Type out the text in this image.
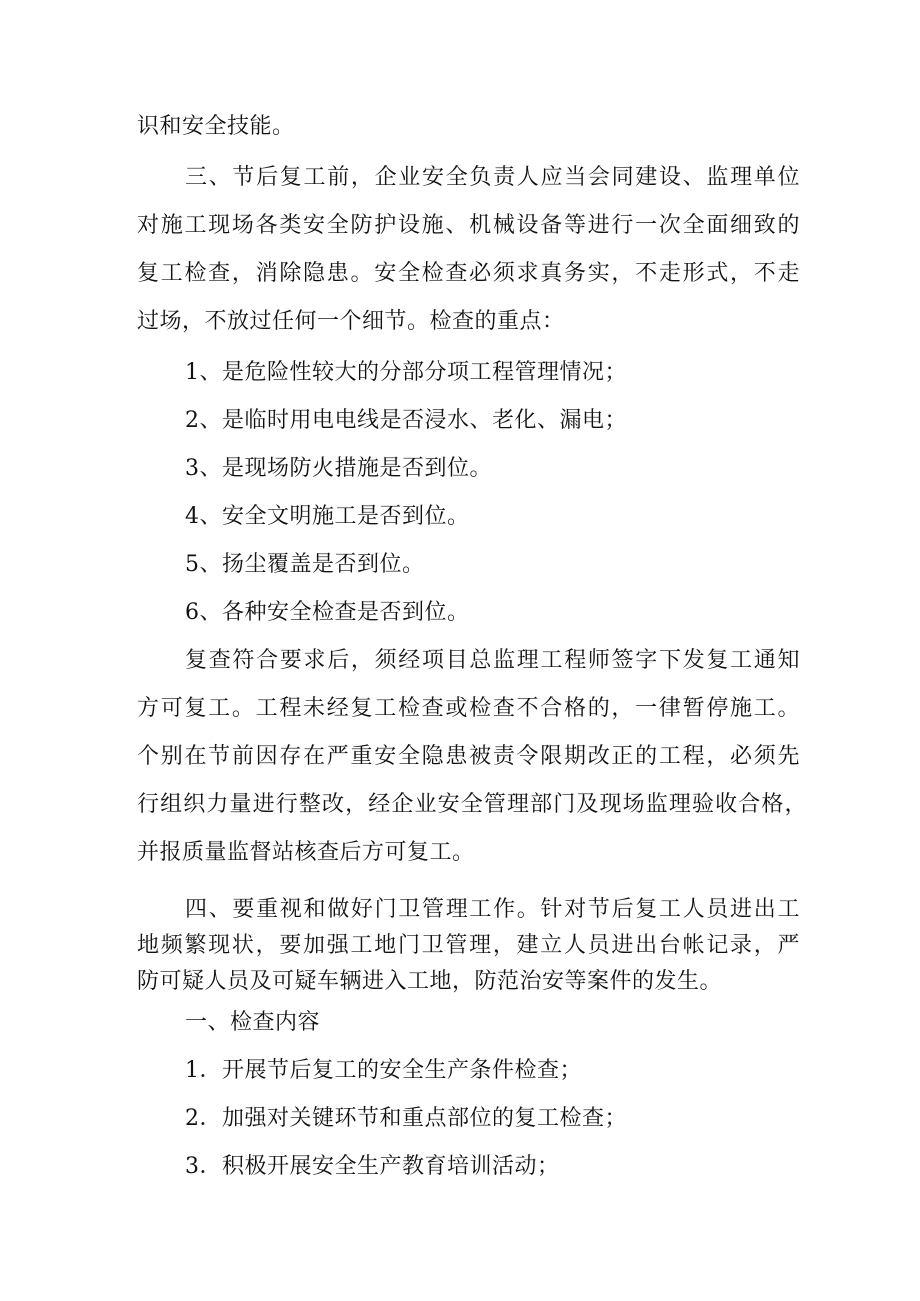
识和安全技能。
三、节后复工前，企业安全负责人应当会同建设、监理单位
对施工现场各类安全防护设施、机械设备等进行一次全面细致的
复工检查，消除隐患。安全检查必须求真务实，不走形式，不走
过场，不放过任何一个细节。检查的重点：
1、是危险性较大的分部分项工程管理情况；
2、是临时用电电线是否浸水、老化、漏电；
3、是现场防火措施是否到位。
4、安全文明施工是否到位。
5、扬尘覆盖是否到位。
6、各种安全检查是否到位。
复查符合要求后，须经项目总监理工程师签字下发复工通知
方可复工。工程未经复工检查或检查不合格的，一律暂停施工。
个别在节前因存在严重安全隐患被责令限期改正的工程，必须先
行组织力量进行整改，经企业安全管理部门及现场监理验收合格，
并报质量监督站核查后方可复工。
四、要重视和做好门卫管理工作。针对节后复工人员进出工
地频繁现状，要加强工地门卫管理，建立人员进出台帐记录，严
防可疑人员及可疑车辆进入工地，防范治安等案件的发生。
一、检查内容
1．开展节后复工的安全生产条件检查；
2．加强对关键环节和重点部位的复工检查；
3．积极开展安全生产教育培训活动；
